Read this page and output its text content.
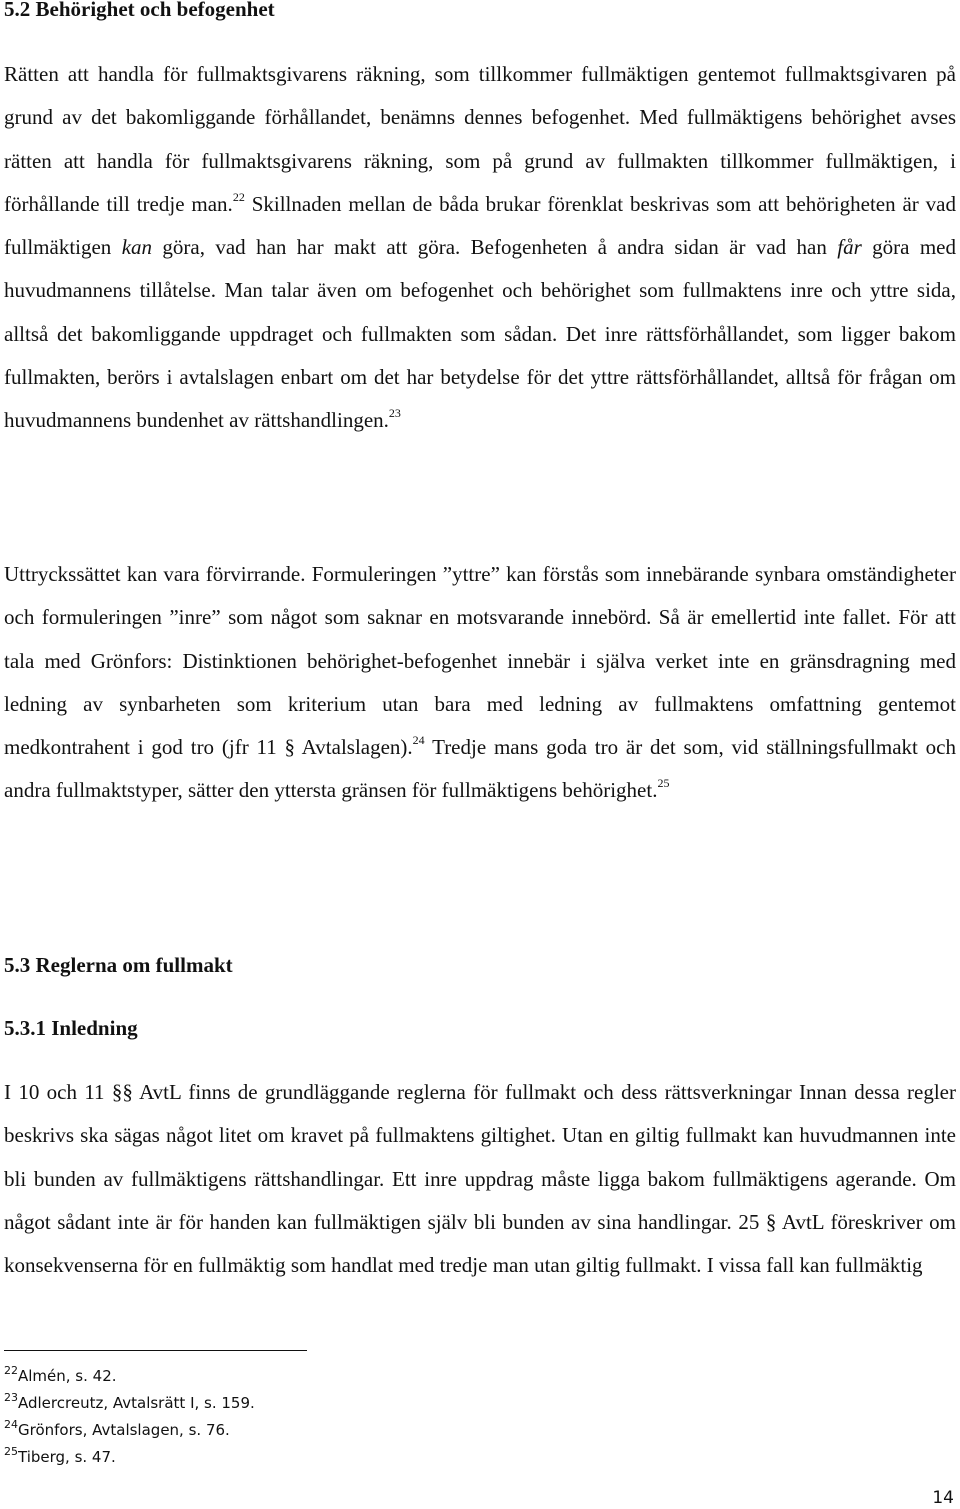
5.2 Behörighet och befogenhet

Rätten att handla för fullmaktsgivarens räkning, som tillkommer fullmäktigen gentemot fullmaktsgivaren på grund av det bakomliggande förhållandet, benämns dennes befogenhet. Med fullmäktigens behörighet avses rätten att handla för fullmaktsgivarens räkning, som på grund av fullmakten tillkommer fullmäktigen, i förhållande till tredje man.$^{22}$ Skillnaden mellan de båda brukar förenklat beskrivas som att behörigheten är vad fullmäktigen kan göra, vad han har makt att göra. Befogenheten å andra sidan är vad han får göra med huvudmannens tillåtelse. Man talar även om befogenhet och behörighet som fullmaktens inre och yttre sida, alltså det bakomliggande uppdraget och fullmakten som sådan. Det inre rättsförhållandet, som ligger bakom fullmakten, berörs i avtalslagen enbart om det har betydelse för det yttre rättsförhållandet, alltså för frågan om huvudmannens bundenhet av rättshandlingen.$^{23}$

Uttryckssättet kan vara förvirrande. Formuleringen ”yttre” kan förstås som innebärande synbara omständigheter och formuleringen ”inre” som något som saknar en motsvarande innebörd. Så är emellertid inte fallet. För att tala med Grönfors: Distinktionen behörighet-befogenhet innebär i själva verket inte en gränsdragning med ledning av synbarheten som kriterium utan bara med ledning av fullmaktens omfattning gentemot medkontrahent i god tro (jfr 11 § Avtalslagen).$^{24}$ Tredje mans goda tro är det som, vid ställningsfullmakt och andra fullmaktstyper, sätter den yttersta gränsen för fullmäktigens behörighet.$^{25}$

5.3 Reglerna om fullmakt
5.3.1 Inledning

I 10 och 11 §§ AvtL finns de grundläggande reglerna för fullmakt och dess rättsverkningar Innan dessa regler beskrivs ska sägas något litet om kravet på fullmaktens giltighet. Utan en giltig fullmakt kan huvudmannen inte bli bunden av fullmäktigens rättshandlingar. Ett inre uppdrag måste ligga bakom fullmäktigens agerande. Om något sådant inte är för handen kan fullmäktigen själv bli bunden av sina handlingar. 25 § AvtL föreskriver om konsekvenserna för en fullmäktig som handlat med tredje man utan giltig fullmakt. I vissa fall kan fullmäktig

$^{22}$Almén, s. 42.
$^{23}$Adlercreutz, Avtalsrätt I, s. 159.
$^{24}$Grönfors, Avtalslagen, s. 76.
$^{25}$Tiberg, s. 47.
14
